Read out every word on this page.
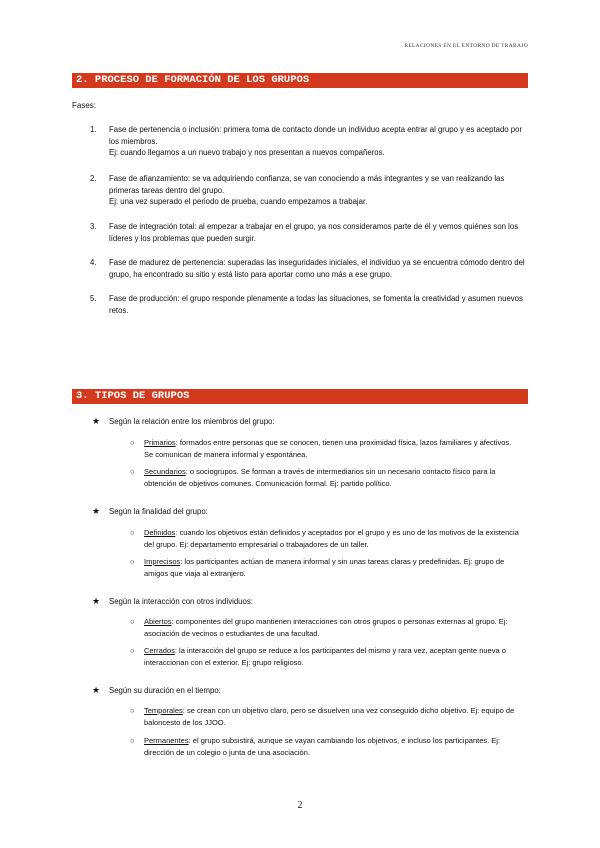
RELACIONES EN EL ENTORNO DE TRABAJO
2. PROCESO DE FORMACIÓN DE LOS GRUPOS
Fases:
1. Fase de pertenencia o inclusión: primera toma de contacto donde un individuo acepta entrar al grupo y es aceptado por los miembros.
Ej: cuando llegamos a un nuevo trabajo y nos presentan a nuevos compañeros.
2. Fase de afianzamiento: se va adquiriendo confianza, se van conociendo a más integrantes y se van realizando las primeras tareas dentro del grupo.
Ej: una vez superado el periodo de prueba, cuando empezamos a trabajar.
3. Fase de integración total: al empezar a trabajar en el grupo, ya nos consideramos parte de él y vemos quiénes son los líderes y los problemas que pueden surgir.
4. Fase de madurez de pertenencia: superadas las inseguridades iniciales, el individuo ya se encuentra cómodo dentro del grupo, ha encontrado su sitio y está listo para aportar como uno más a ese grupo.
5. Fase de producción: el grupo responde plenamente a todas las situaciones, se fomenta la creatividad y asumen nuevos retos.
3. TIPOS DE GRUPOS
★ Según la relación entre los miembros del grupo:
○ Primarios: formados entre personas que se conocen, tienen una proximidad física, lazos familiares y afectivos. Se comunican de manera informal y espontánea.
○ Secundarios: o sociogrupos. Se forman a través de intermediarios sin un necesario contacto físico para la obtención de objetivos comunes. Comunicación formal. Ej: partido político.
★ Según la finalidad del grupo:
○ Definidos: cuando los objetivos están definidos y aceptados por el grupo y es uno de los motivos de la existencia del grupo. Ej: departamento empresarial o trabajadores de un taller.
○ Imprecisos: los participantes actúan de manera informal y sin unas tareas claras y predefinidas. Ej: grupo de amigos que viaja al extranjero.
★ Según la interacción con otros individuos:
○ Abiertos: componentes del grupo mantienen interacciones con otros grupos o personas externas al grupo. Ej: asociación de vecinos o estudiantes de una facultad.
○ Cerrados: la interacción del grupo se reduce a los participantes del mismo y rara vez, aceptan gente nueva o interaccionan con el exterior. Ej: grupo religioso.
★ Según su duración en el tiempo:
○ Temporales: se crean con un objetivo claro, pero se disuelven una vez conseguido dicho objetivo. Ej: equipo de baloncesto de los JJOO.
○ Permanentes: el grupo subsistirá, aunque se vayan cambiando los objetivos, e incluso los participantes. Ej: dirección de un colegio o junta de una asociación.
2
